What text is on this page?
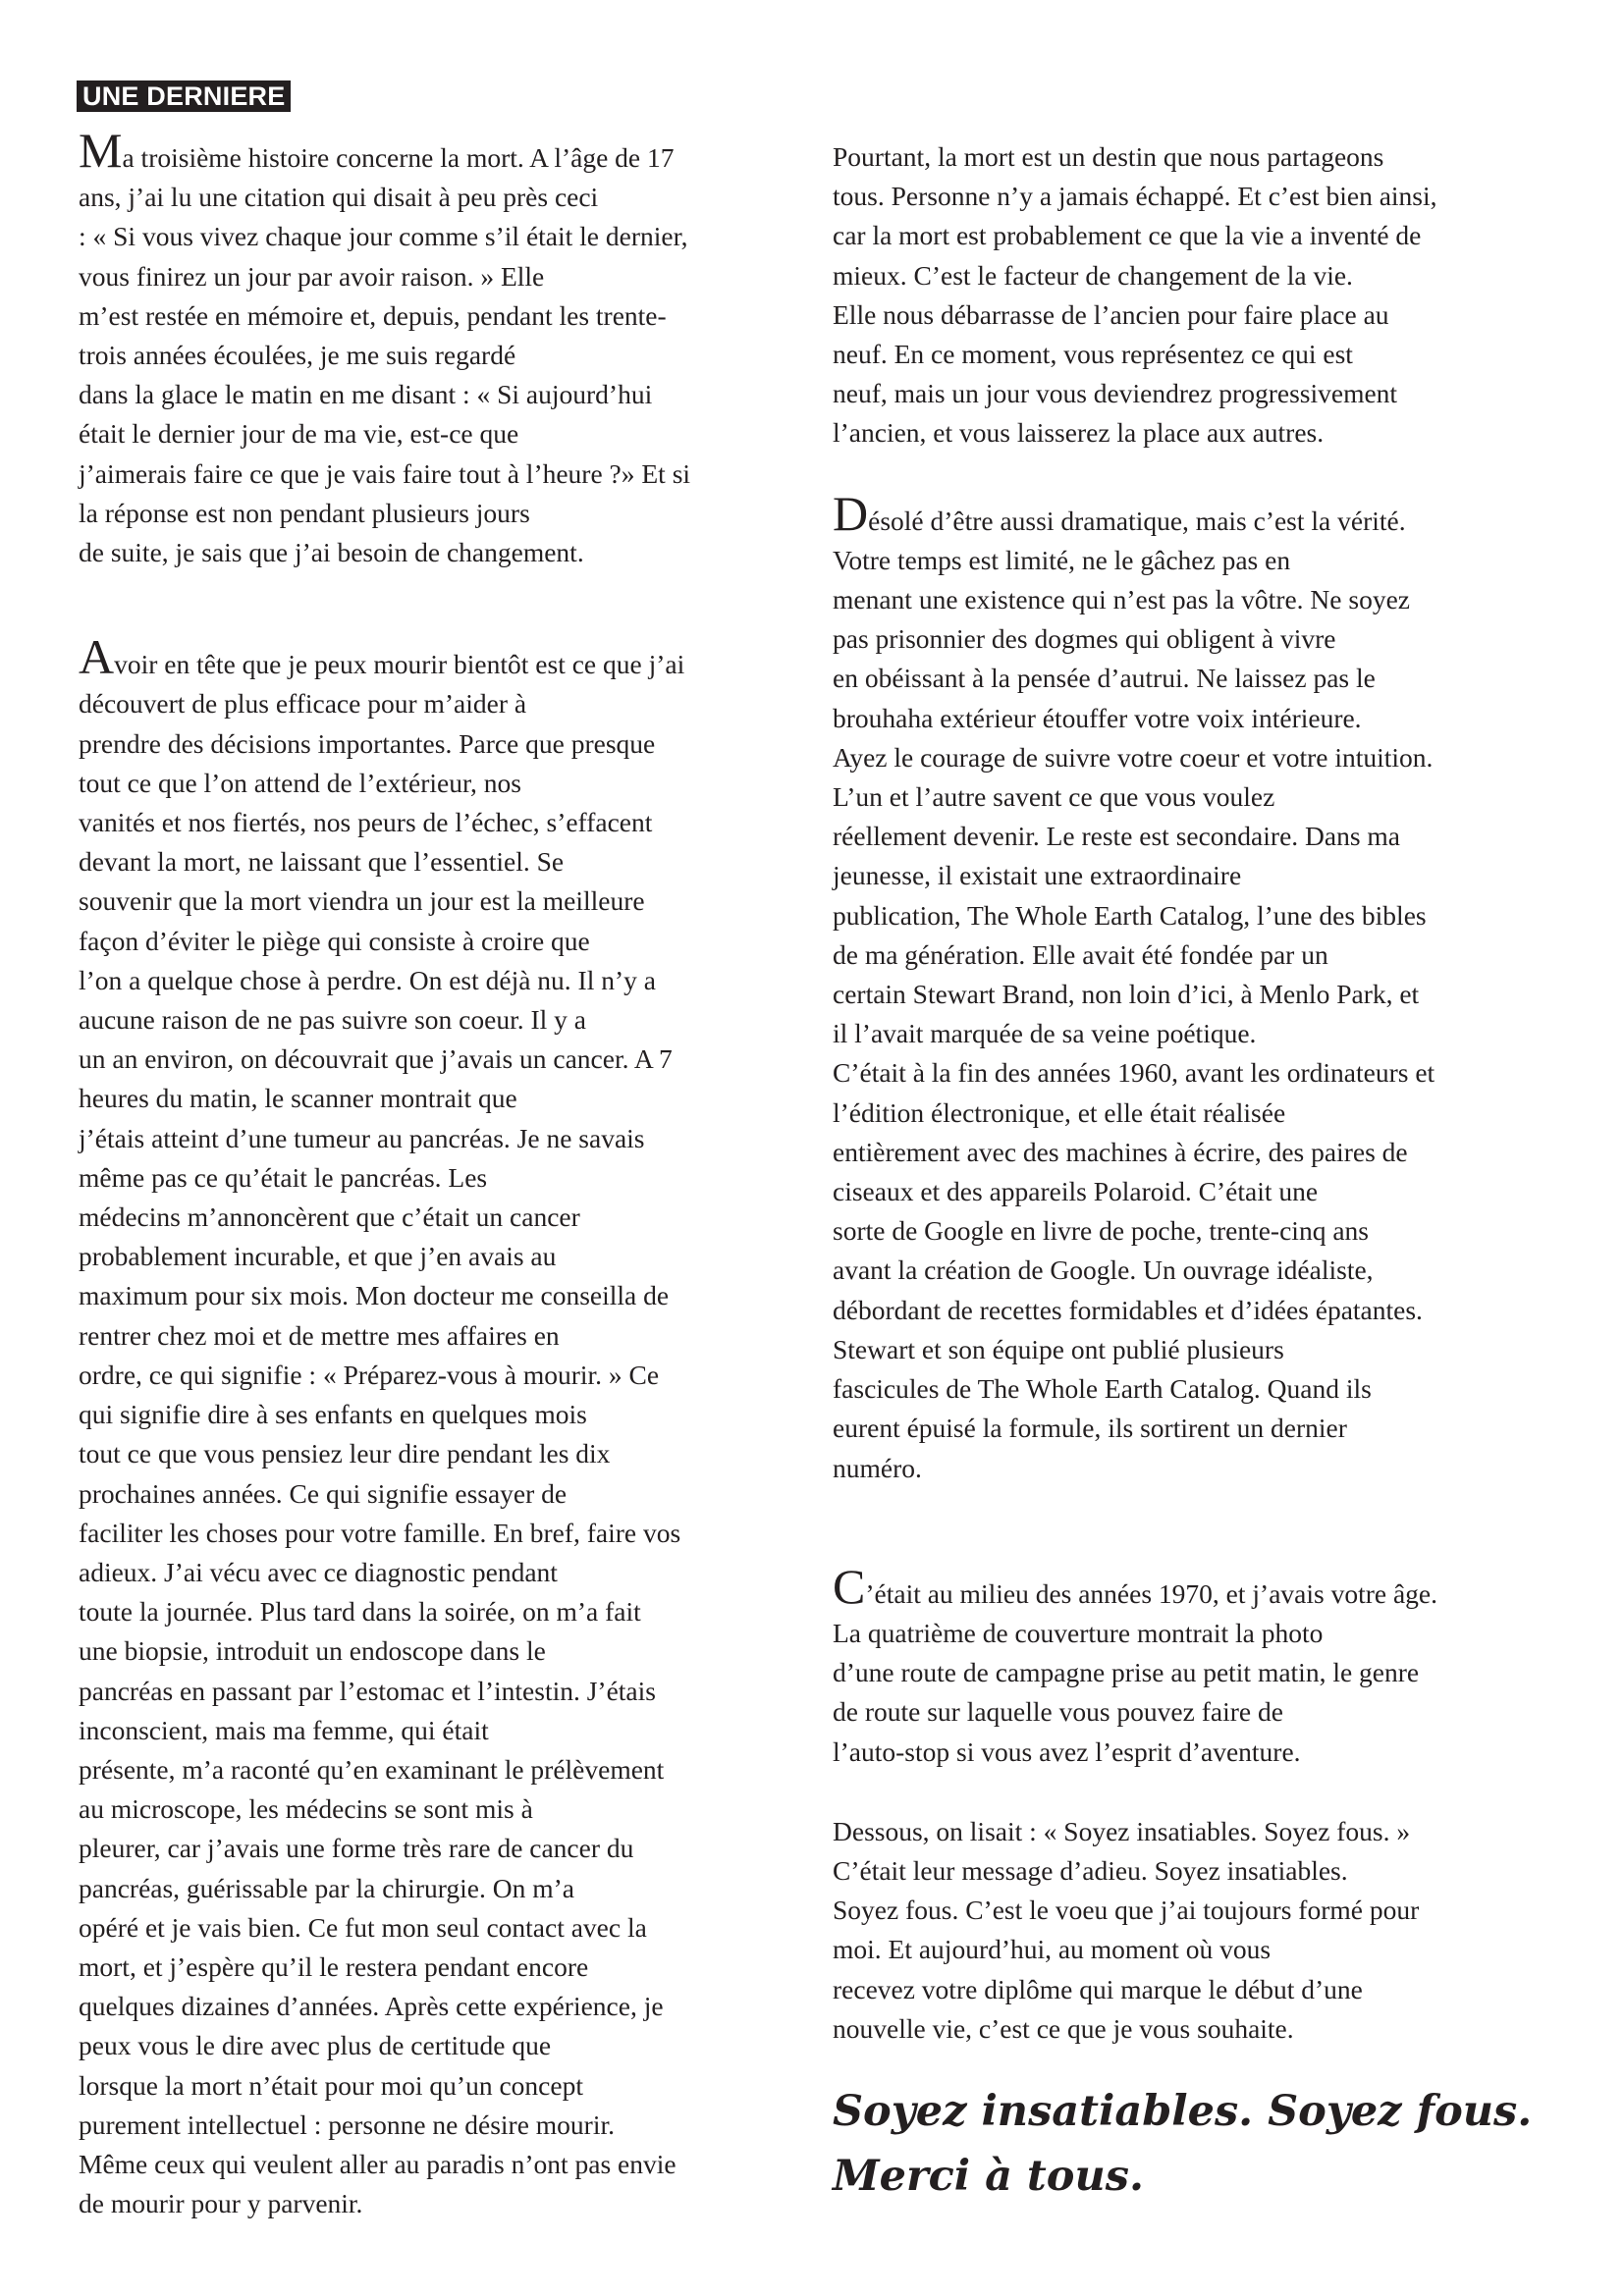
UNE DERNIERE
Ma troisième histoire concerne la mort. A l’âge de 17
ans, j’ai lu une citation qui disait à peu près ceci
: « Si vous vivez chaque jour comme s’il était le dernier,
vous finirez un jour par avoir raison. » Elle
m’est restée en mémoire et, depuis, pendant les trente-
trois années écoulées, je me suis regardé
dans la glace le matin en me disant : « Si aujourd’hui
était le dernier jour de ma vie, est-ce que
j’aimerais faire ce que je vais faire tout à l’heure ?» Et si
la réponse est non pendant plusieurs jours
de suite, je sais que j’ai besoin de changement.
Avoir en tête que je peux mourir bientôt est ce que j’ai
découvert de plus efficace pour m’aider à
prendre des décisions importantes. Parce que presque
tout ce que l’on attend de l’extérieur, nos
vanités et nos fiertés, nos peurs de l’échec, s’effacent
devant la mort, ne laissant que l’essentiel. Se
souvenir que la mort viendra un jour est la meilleure
façon d’éviter le piège qui consiste à croire que
l’on a quelque chose à perdre. On est déjà nu. Il n’y a
aucune raison de ne pas suivre son coeur. Il y a
un an environ, on découvrait que j’avais un cancer. A 7
heures du matin, le scanner montrait que
j’étais atteint d’une tumeur au pancréas. Je ne savais
même pas ce qu’était le pancréas. Les
médecins m’annoncèrent que c’était un cancer
probablement incurable, et que j’en avais au
maximum pour six mois. Mon docteur me conseilla de
rentrer chez moi et de mettre mes affaires en
ordre, ce qui signifie : « Préparez-vous à mourir. » Ce
qui signifie dire à ses enfants en quelques mois
tout ce que vous pensiez leur dire pendant les dix
prochaines années. Ce qui signifie essayer de
faciliter les choses pour votre famille. En bref, faire vos
adieux. J’ai vécu avec ce diagnostic pendant
toute la journée. Plus tard dans la soirée, on m’a fait
une biopsie, introduit un endoscope dans le
pancréas en passant par l’estomac et l’intestin. J’étais
inconscient, mais ma femme, qui était
présente, m’a raconté qu’en examinant le prélèvement
au microscope, les médecins se sont mis à
pleurer, car j’avais une forme très rare de cancer du
pancréas, guérissable par la chirurgie. On m’a
opéré et je vais bien. Ce fut mon seul contact avec la
mort, et j’espère qu’il le restera pendant encore
quelques dizaines d’années. Après cette expérience, je
peux vous le dire avec plus de certitude que
lorsque la mort n’était pour moi qu’un concept
purement intellectuel : personne ne désire mourir.
Même ceux qui veulent aller au paradis n’ont pas envie
de mourir pour y parvenir.
Pourtant, la mort est un destin que nous partageons
tous. Personne n’y a jamais échappé. Et c’est bien ainsi,
car la mort est probablement ce que la vie a inventé de
mieux. C’est le facteur de changement de la vie.
Elle nous débarrasse de l’ancien pour faire place au
neuf. En ce moment, vous représentez ce qui est
neuf, mais un jour vous deviendrez progressivement
l’ancien, et vous laisserez la place aux autres.
Désolé d’être aussi dramatique, mais c’est la vérité.
Votre temps est limité, ne le gâchez pas en
menant une existence qui n’est pas la vôtre. Ne soyez
pas prisonnier des dogmes qui obligent à vivre
en obéissant à la pensée d’autrui. Ne laissez pas le
brouhaha extérieur étouffer votre voix intérieure.
Ayez le courage de suivre votre coeur et votre intuition.
L’un et l’autre savent ce que vous voulez
réellement devenir. Le reste est secondaire. Dans ma
jeunesse, il existait une extraordinaire
publication, The Whole Earth Catalog, l’une des bibles
de ma génération. Elle avait été fondée par un
certain Stewart Brand, non loin d’ici, à Menlo Park, et
il l’avait marquée de sa veine poétique.
C’était à la fin des années 1960, avant les ordinateurs et
l’édition électronique, et elle était réalisée
entièrement avec des machines à écrire, des paires de
ciseaux et des appareils Polaroid. C’était une
sorte de Google en livre de poche, trente-cinq ans
avant la création de Google. Un ouvrage idéaliste,
débordant de recettes formidables et d’idées épatantes.
Stewart et son équipe ont publié plusieurs
fascicules de The Whole Earth Catalog. Quand ils
eurent épuisé la formule, ils sortirent un dernier
numéro.
C’était au milieu des années 1970, et j’avais votre âge.
La quatrième de couverture montrait la photo
d’une route de campagne prise au petit matin, le genre
de route sur laquelle vous pouvez faire de
l’auto-stop si vous avez l’esprit d’aventure.
Dessous, on lisait : « Soyez insatiables. Soyez fous. »
C’était leur message d’adieu. Soyez insatiables.
Soyez fous. C’est le voeu que j’ai toujours formé pour
moi. Et aujourd’hui, au moment où vous
recevez votre diplôme qui marque le début d’une
nouvelle vie, c’est ce que je vous souhaite.
Soyez insatiables. Soyez fous.
Merci à tous.
